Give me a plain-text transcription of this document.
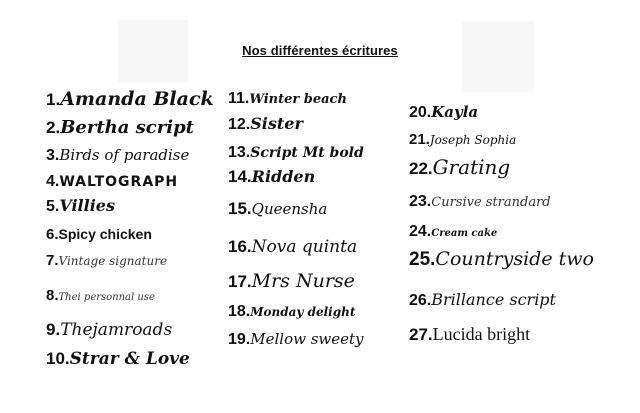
Nos différentes écritures
1.Amanda Black
2.Bertha script
3.Birds of paradise
4.WALTOGRAPH
5.Villies
6.Spicy chicken
7.Vintage signature
8.Thei personnal use
9.Thejamroads
10.Strar & Love
11.Winter beach
12.Sister
13.Script Mt bold
14.Ridden
15.Queensha
16.Nova quinta
17.Mrs Nurse
18.Monday delight
19.Mellow sweety
20.Kayla
21.Joseph Sophia
22.Grating
23.Cursive strandard
24.Cream cake
25.Countryside two
26.Brillance script
27.Lucida bright
